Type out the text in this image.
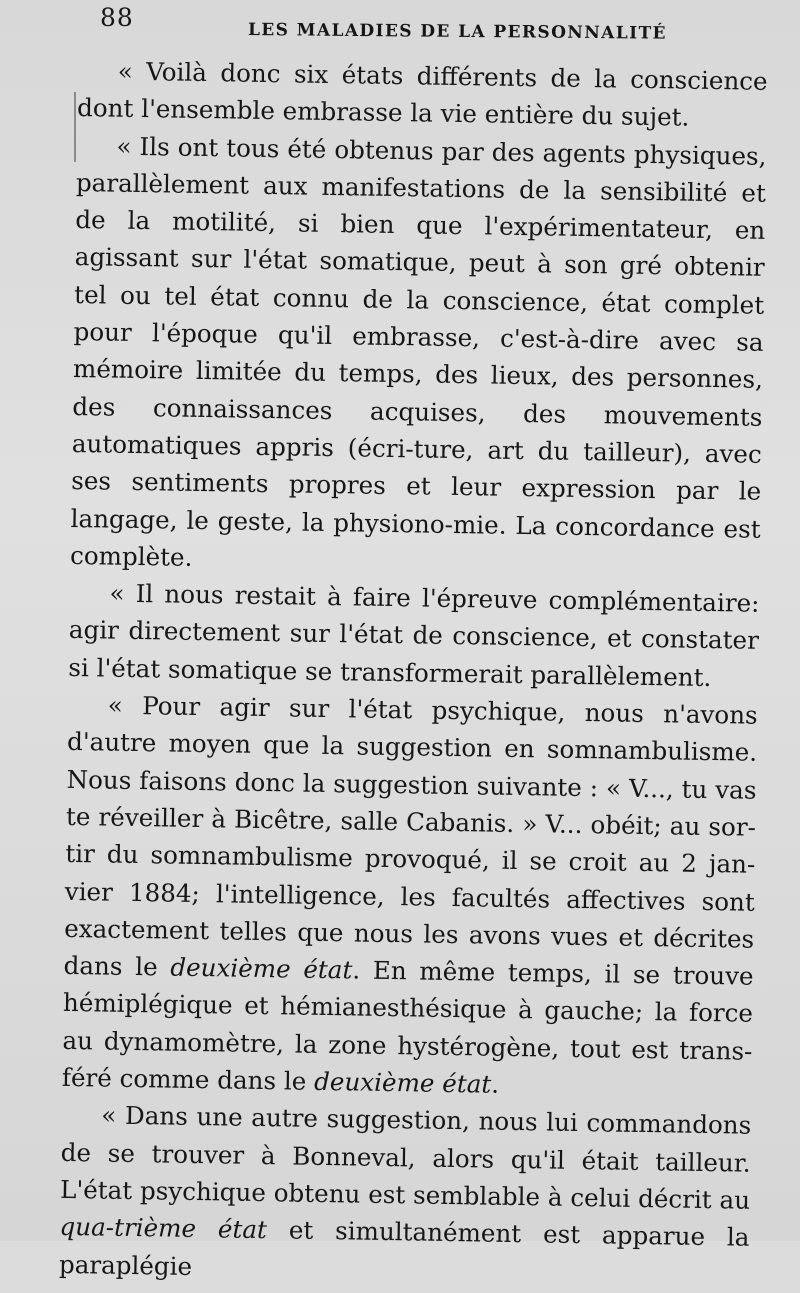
88	LES MALADIES DE LA PERSONNALITÉ

« Voilà donc six états différents de la conscience dont l'ensemble embrasse la vie entière du sujet.

« Ils ont tous été obtenus par des agents physiques, parallèlement aux manifestations de la sensibilité et de la motilité, si bien que l'expérimentateur, en agissant sur l'état somatique, peut à son gré obtenir tel ou tel état connu de la conscience, état complet pour l'époque qu'il embrasse, c'est-à-dire avec sa mémoire limitée du temps, des lieux, des personnes, des connaissances acquises, des mouvements automatiques appris (écri-ture, art du tailleur), avec ses sentiments propres et leur expression par le langage, le geste, la physiono-mie. La concordance est complète.

« Il nous restait à faire l'épreuve complémentaire: agir directement sur l'état de conscience, et constater si l'état somatique se transformerait parallèlement.

« Pour agir sur l'état psychique, nous n'avons d'autre moyen que la suggestion en somnambulisme. Nous faisons donc la suggestion suivante : « V..., tu vas te réveiller à Bicêtre, salle Cabanis. » V... obéit; au sor-tir du somnambulisme provoqué, il se croit au 2 jan-vier 1884; l'intelligence, les facultés affectives sont exactement telles que nous les avons vues et décrites dans le deuxième état. En même temps, il se trouve hémiplégique et hémianesthésique à gauche; la force au dynamomètre, la zone hystérogène, tout est trans-féré comme dans le deuxième état.

« Dans une autre suggestion, nous lui commandons de se trouver à Bonneval, alors qu'il était tailleur. L'état psychique obtenu est semblable à celui décrit au qua-trième état et simultanément est apparue la paraplégie
